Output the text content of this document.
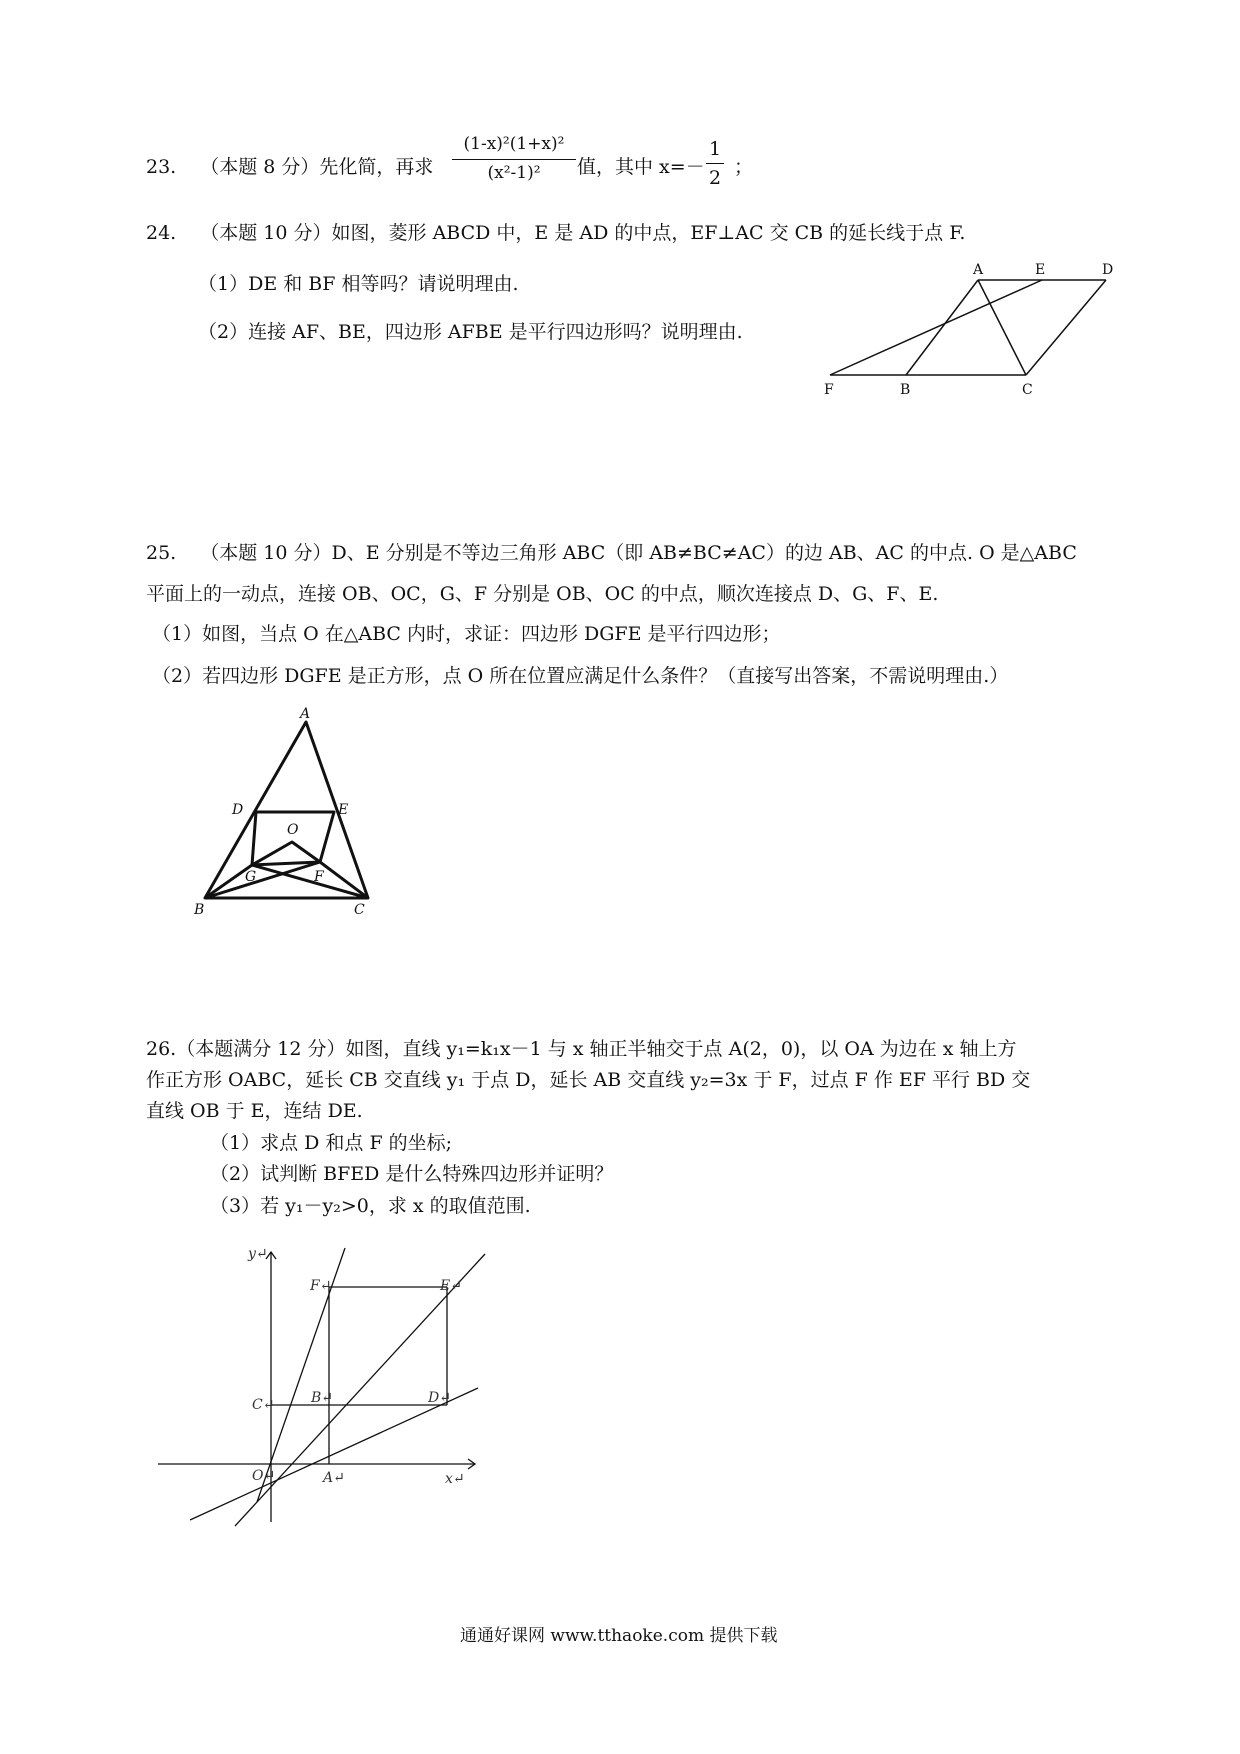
23. （本题 8 分）先化简，再求
(1-x)²(1+x)²
(x²-1)²	值，其中 x=－
1
2 ；
24. （本题 10 分）如图，菱形 ABCD 中，E 是 AD 的中点，EF⊥AC 交 CB 的延长线于点 F.
（1）DE 和 BF 相等吗？请说明理由.
（2）连接 AF、BE，四边形 AFBE 是平行四边形吗？说明理由.
A	E	D
F	B	C
25. （本题 10 分）D、E 分别是不等边三角形 ABC（即 AB≠BC≠AC）的边 AB、AC 的中点. O 是△ABC
平面上的一动点，连接 OB、OC，G、F 分别是 OB、OC 的中点，顺次连接点 D、G、F、E.
（1）如图，当点 O 在△ABC 内时，求证：四边形 DGFE 是平行四边形；
（2）若四边形 DGFE 是正方形，点 O 所在位置应满足什么条件？（直接写出答案，不需说明理由.）
A
D	E
O
G	F
B	C
26.（本题满分 12 分）如图，直线 y₁=k₁x－1 与 x 轴正半轴交于点 A(2，0)，以 OA 为边在 x 轴上方
作正方形 OABC，延长 CB 交直线 y₁ 于点 D，延长 AB 交直线 y₂=3x 于 F，过点 F 作 EF 平行 BD 交
直线 OB 于 E，连结 DE.
（1）求点 D 和点 F 的坐标;
（2）试判断 BFED 是什么特殊四边形并证明？
（3）若 y₁－y₂>0，求 x 的取值范围.
y↵
F↵	E↵
C↵	B↵	D↵
O↵	A↵	x↵
通通好课网 www.tthaoke.com 提供下载
